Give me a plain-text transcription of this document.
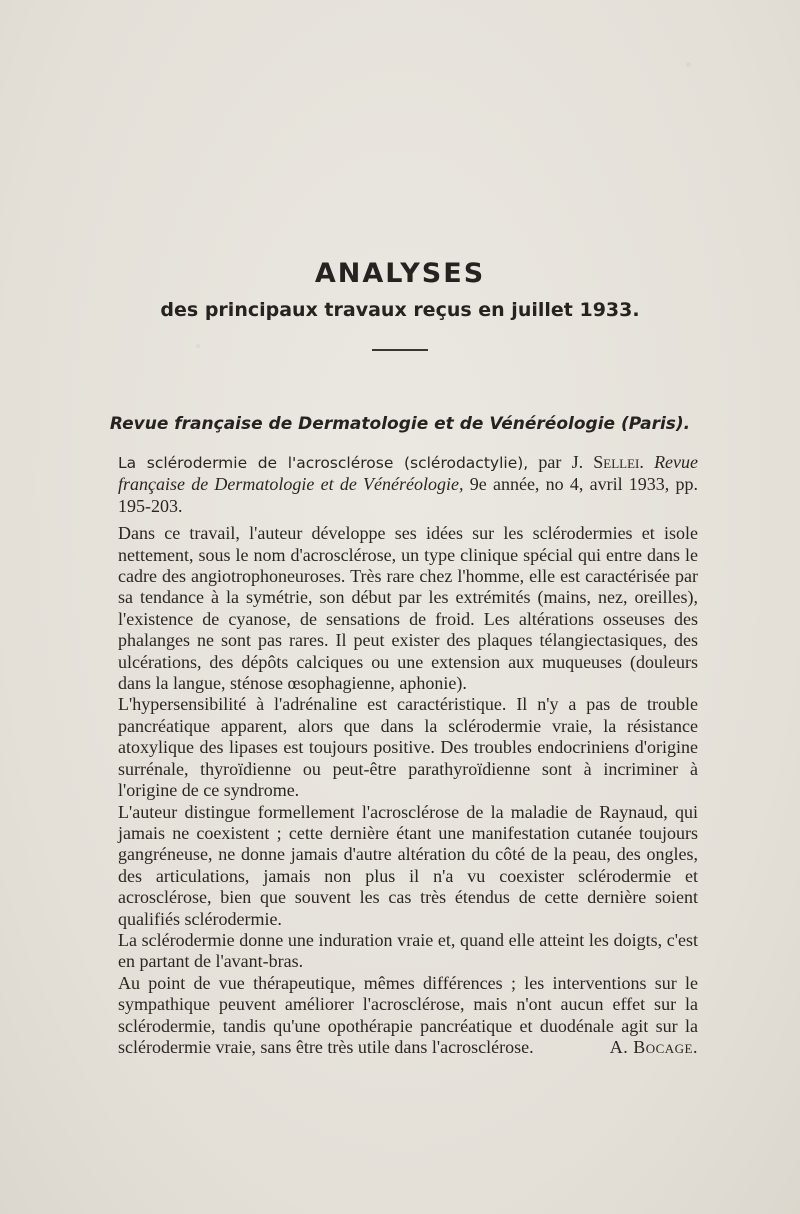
ANALYSES
des principaux travaux reçus en juillet 1933.
Revue française de Dermatologie et de Vénéréologie (Paris).

La sclérodermie de l'acrosclérose (sclérodactylie), par J. Sellei. Revue française de Dermatologie et de Vénéréologie, 9e année, no 4, avril 1933, pp. 195-203.

Dans ce travail, l'auteur développe ses idées sur les sclérodermies et isole nettement, sous le nom d'acrosclérose, un type clinique spécial qui entre dans le cadre des angiotrophoneuroses. Très rare chez l'homme, elle est caractérisée par sa tendance à la symétrie, son début par les extrémités (mains, nez, oreilles), l'existence de cyanose, de sensations de froid. Les altérations osseuses des phalanges ne sont pas rares. Il peut exister des plaques télangiectasiques, des ulcérations, des dépôts calciques ou une extension aux muqueuses (douleurs dans la langue, sténose œsophagienne, aphonie).

L'hypersensibilité à l'adrénaline est caractéristique. Il n'y a pas de trouble pancréatique apparent, alors que dans la sclérodermie vraie, la résistance atoxylique des lipases est toujours positive. Des troubles endocriniens d'origine surrénale, thyroïdienne ou peut-être parathyroïdienne sont à incriminer à l'origine de ce syndrome.

L'auteur distingue formellement l'acrosclérose de la maladie de Raynaud, qui jamais ne coexistent ; cette dernière étant une manifestation cutanée toujours gangréneuse, ne donne jamais d'autre altération du côté de la peau, des ongles, des articulations, jamais non plus il n'a vu coexister sclérodermie et acrosclérose, bien que souvent les cas très étendus de cette dernière soient qualifiés sclérodermie.

La sclérodermie donne une induration vraie et, quand elle atteint les doigts, c'est en partant de l'avant-bras.

Au point de vue thérapeutique, mêmes différences ; les interventions sur le sympathique peuvent améliorer l'acrosclérose, mais n'ont aucun effet sur la sclérodermie, tandis qu'une opothérapie pancréatique et duodénale agit sur la sclérodermie vraie, sans être très utile dans l'acrosclérose.	A. Bocage.
